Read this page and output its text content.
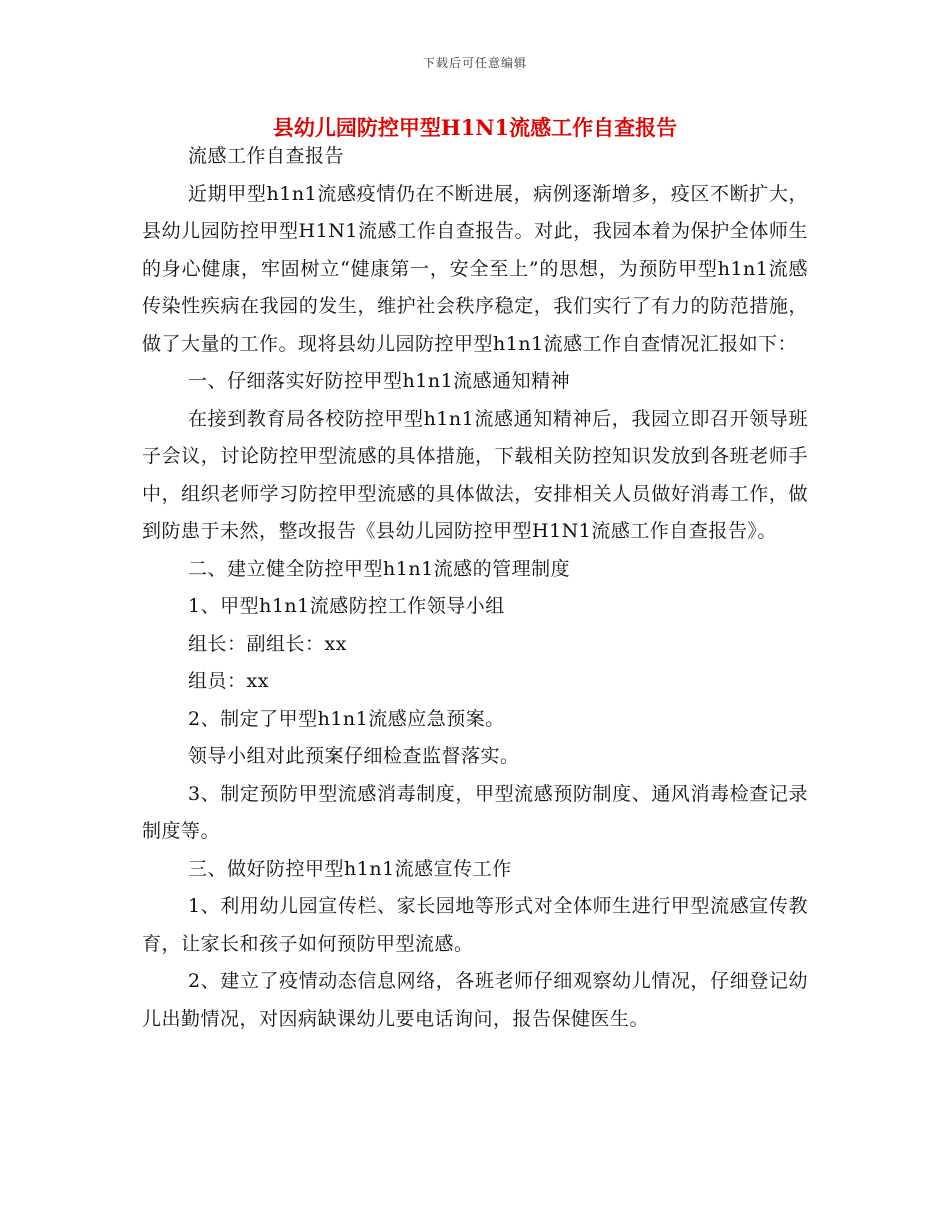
下载后可任意编辑
县幼儿园防控甲型H1N1流感工作自查报告

流感工作自查报告

近期甲型h1n1流感疫情仍在不断进展，病例逐渐增多，疫区不断扩大，县幼儿园防控甲型H1N1流感工作自查报告。对此，我园本着为保护全体师生的身心健康，牢固树立“健康第一，安全至上”的思想，为预防甲型h1n1流感传染性疾病在我园的发生，维护社会秩序稳定，我们实行了有力的防范措施，做了大量的工作。现将县幼儿园防控甲型h1n1流感工作自查情况汇报如下：

一、仔细落实好防控甲型h1n1流感通知精神

在接到教育局各校防控甲型h1n1流感通知精神后，我园立即召开领导班子会议，讨论防控甲型流感的具体措施，下载相关防控知识发放到各班老师手中，组织老师学习防控甲型流感的具体做法，安排相关人员做好消毒工作，做到防患于未然，整改报告《县幼儿园防控甲型H1N1流感工作自查报告》。

二、建立健全防控甲型h1n1流感的管理制度

1、甲型h1n1流感防控工作领导小组

组长：副组长：xx

组员：xx

2、制定了甲型h1n1流感应急预案。

领导小组对此预案仔细检查监督落实。

3、制定预防甲型流感消毒制度，甲型流感预防制度、通风消毒检查记录制度等。

三、做好防控甲型h1n1流感宣传工作

1、利用幼儿园宣传栏、家长园地等形式对全体师生进行甲型流感宣传教育，让家长和孩子如何预防甲型流感。

2、建立了疫情动态信息网络，各班老师仔细观察幼儿情况，仔细登记幼儿出勤情况，对因病缺课幼儿要电话询问，报告保健医生。
